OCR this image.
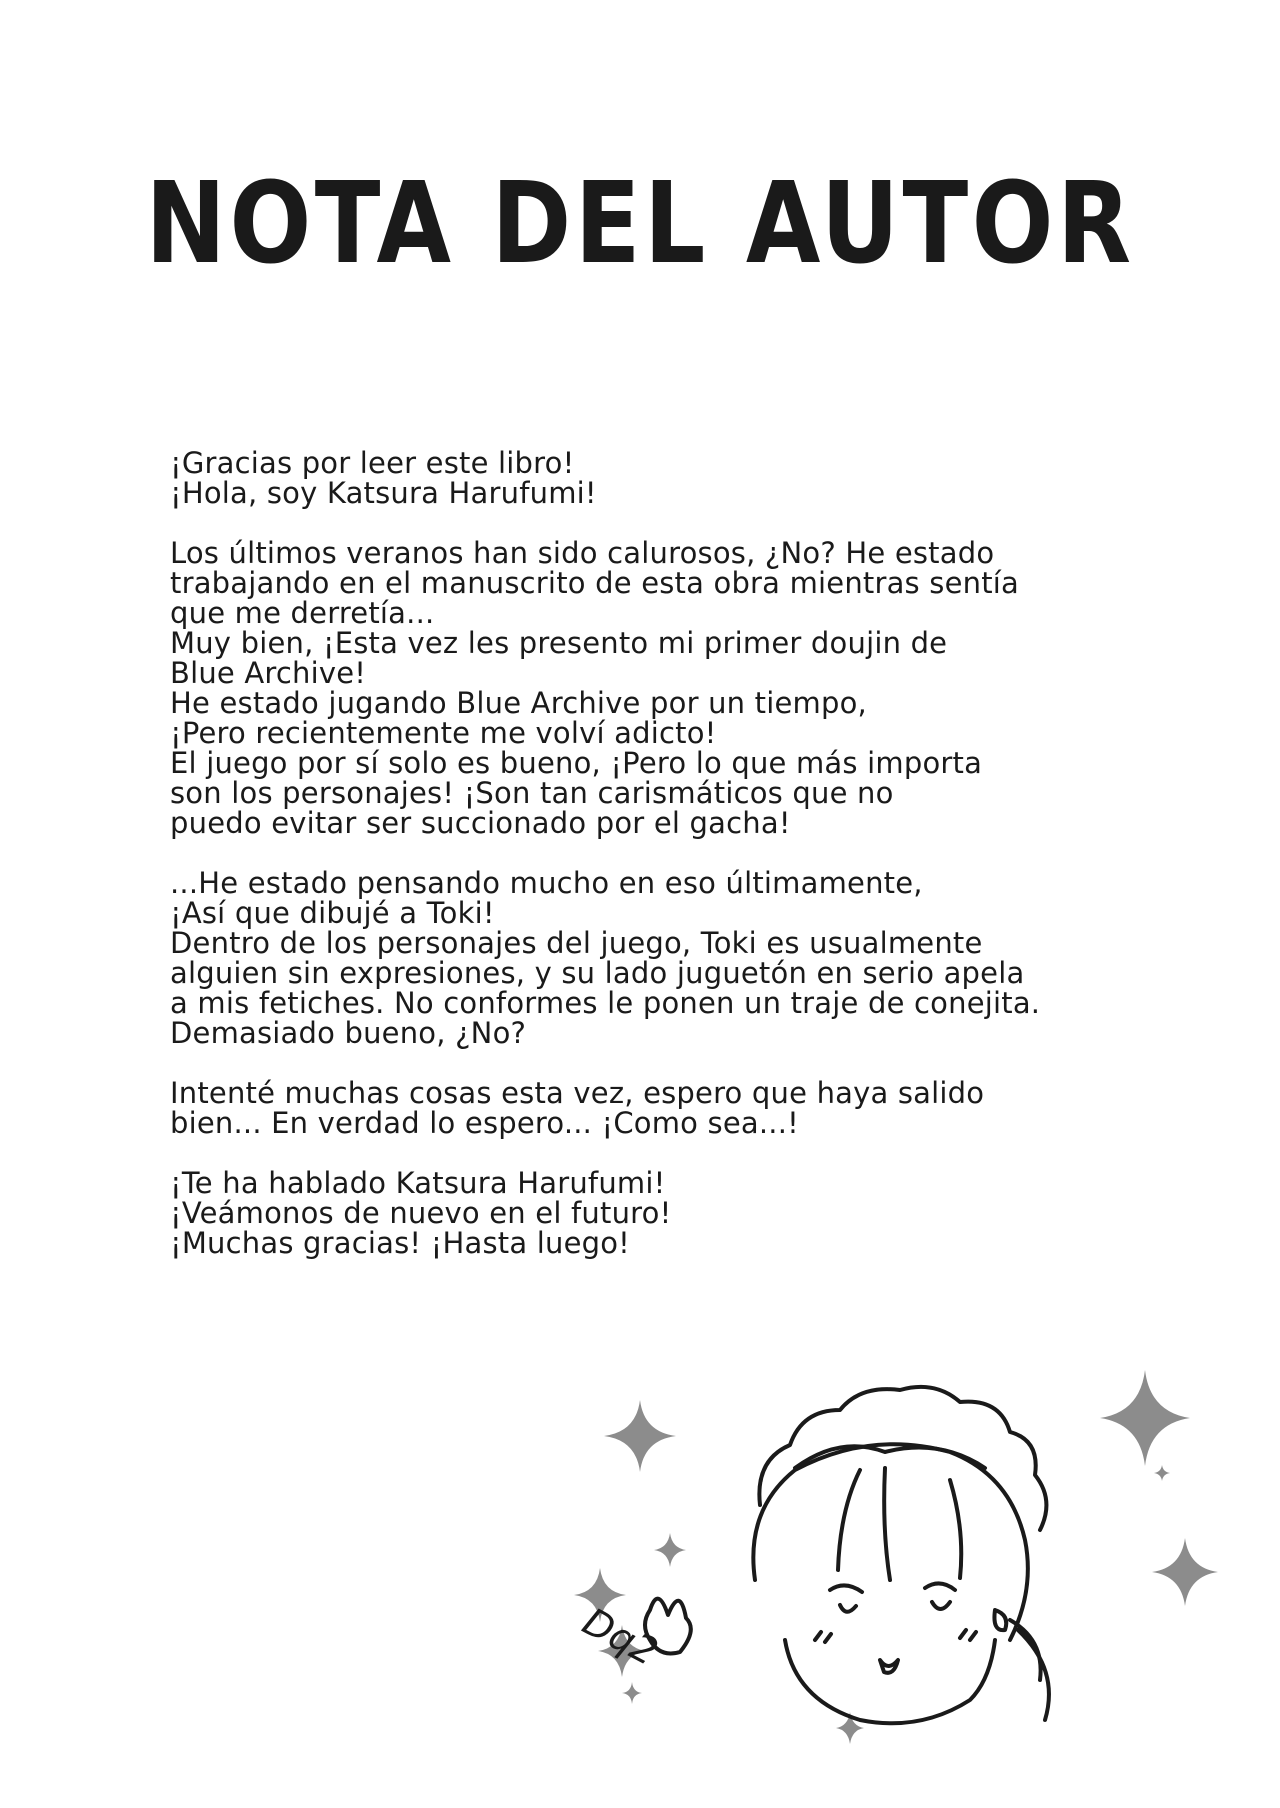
NOTA DEL AUTOR

¡Gracias por leer este libro!
¡Hola, soy Katsura Harufumi!

Los últimos veranos han sido calurosos, ¿No? He estado
trabajando en el manuscrito de esta obra mientras sentía
que me derretía...
Muy bien, ¡Esta vez les presento mi primer doujin de
Blue Archive!
He estado jugando Blue Archive por un tiempo,
¡Pero recientemente me volví adicto!
El juego por sí solo es bueno, ¡Pero lo que más importa
son los personajes! ¡Son tan carismáticos que no
puedo evitar ser succionado por el gacha!

...He estado pensando mucho en eso últimamente,
¡Así que dibujé a Toki!
Dentro de los personajes del juego, Toki es usualmente
alguien sin expresiones, y su lado juguetón en serio apela
a mis fetiches. No conformes le ponen un traje de conejita.
Demasiado bueno, ¿No?

Intenté muchas cosas esta vez, espero que haya salido
bien... En verdad lo espero... ¡Como sea...!

¡Te ha hablado Katsura Harufumi!
¡Veámonos de nuevo en el futuro!
¡Muchas gracias! ¡Hasta luego!

Dq2
